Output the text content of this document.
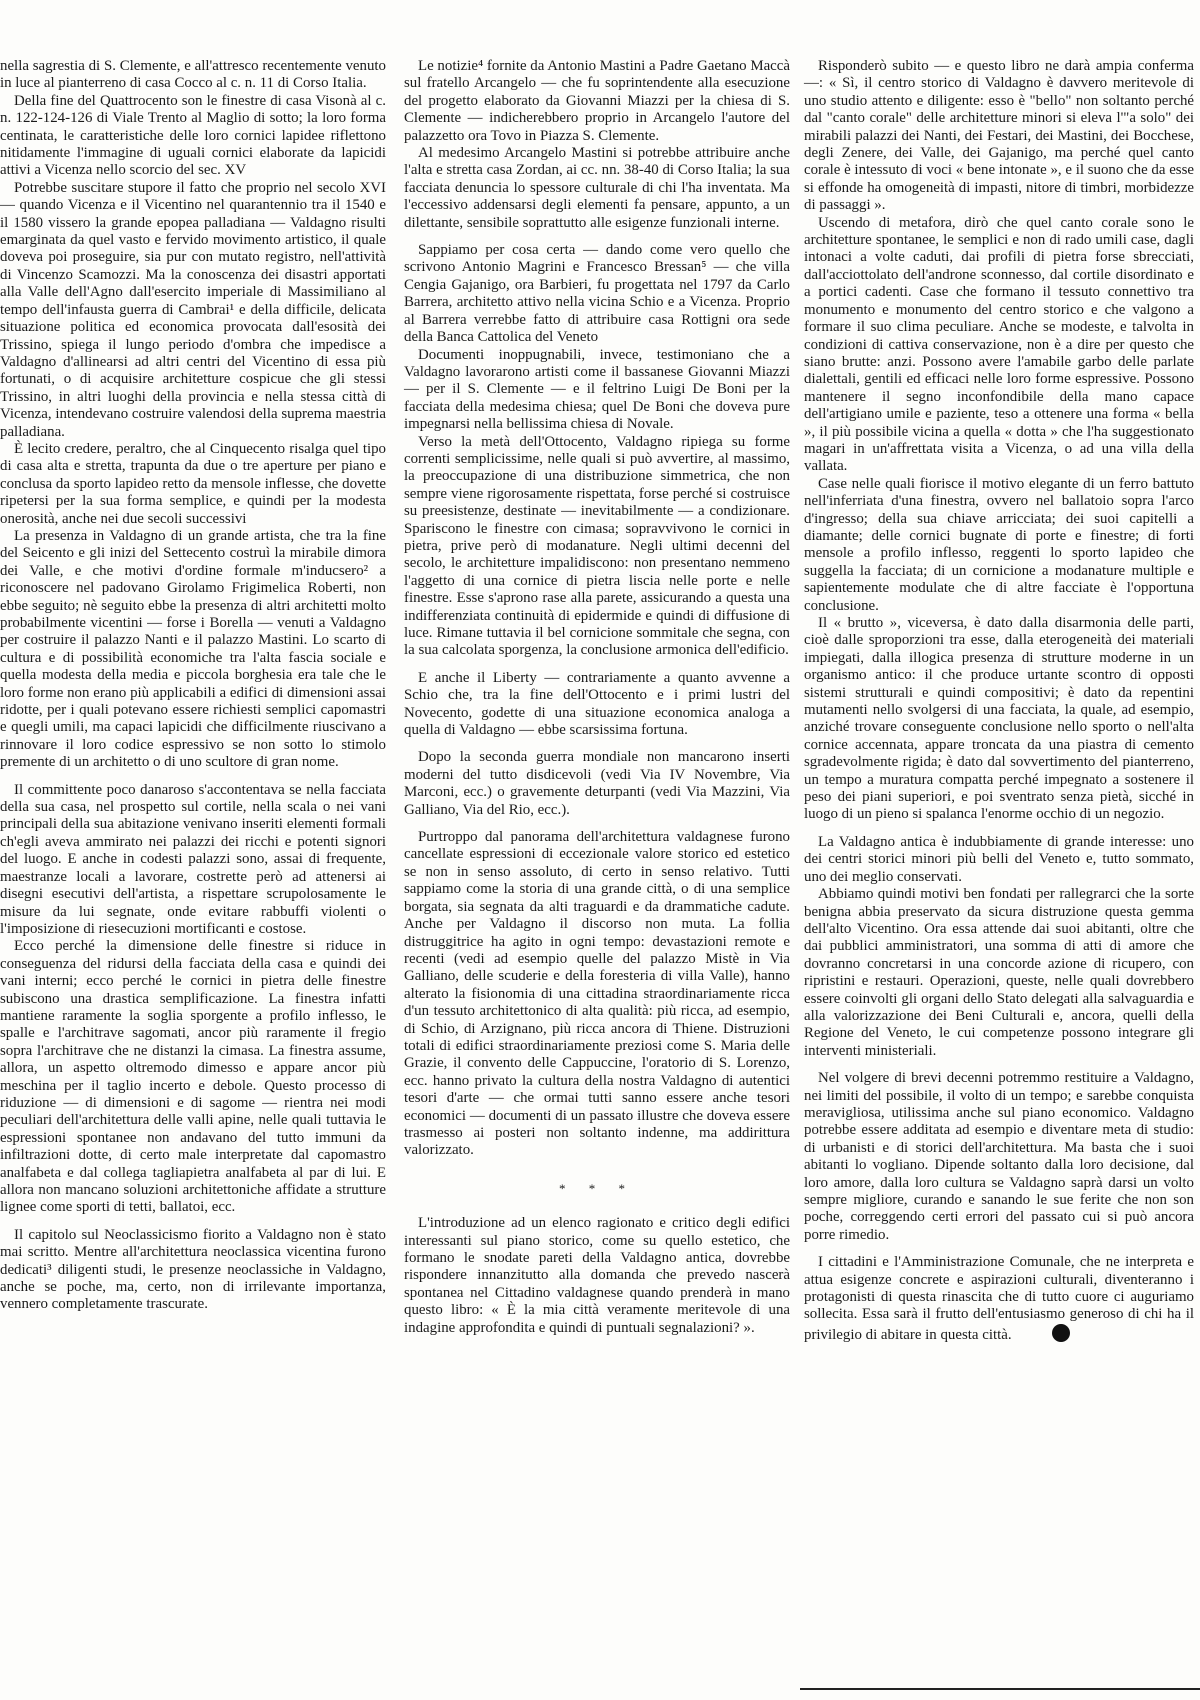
nella sagrestia di S. Clemente, e all'attresco recentemente venuto in luce al pianterreno di casa Cocco al c. n. 11 di Corso Italia.

Della fine del Quattrocento son le finestre di casa Visonà al c. n. 122-124-126 di Viale Trento al Maglio di sotto; la loro forma centinata, le caratteristiche delle loro cornici lapidee riflettono nitidamente l'immagine di uguali cornici elaborate da lapicidi attivi a Vicenza nello scorcio del sec. XV

Potrebbe suscitare stupore il fatto che proprio nel secolo XVI — quando Vicenza e il Vicentino nel quarantennio tra il 1540 e il 1580 vissero la grande epopea palladiana — Valdagno risulti emarginata da quel vasto e fervido movimento artistico, il quale doveva poi proseguire, sia pur con mutato registro, nell'attività di Vincenzo Scamozzi. Ma la conoscenza dei disastri apportati alla Valle dell'Agno dall'esercito imperiale di Massimiliano al tempo dell'infausta guerra di Cambrai¹ e della difficile, delicata situazione politica ed economica provocata dall'esosità dei Trissino, spiega il lungo periodo d'ombra che impedisce a Valdagno d'allinearsi ad altri centri del Vicentino di essa più fortunati, o di acquisire architetture cospicue che gli stessi Trissino, in altri luoghi della provincia e nella stessa città di Vicenza, intendevano costruire valendosi della suprema maestria palladiana.

È lecito credere, peraltro, che al Cinquecento risalga quel tipo di casa alta e stretta, trapunta da due o tre aperture per piano e conclusa da sporto lapideo retto da mensole inflesse, che dovette ripetersi per la sua forma semplice, e quindi per la modesta onerosità, anche nei due secoli successivi

La presenza in Valdagno di un grande artista, che tra la fine del Seicento e gli inizi del Settecento costruì la mirabile dimora dei Valle, e che motivi d'ordine formale m'inducsero² a riconoscere nel padovano Girolamo Frigimelica Roberti, non ebbe seguito; nè seguito ebbe la presenza di altri architetti molto probabilmente vicentini — forse i Borella — venuti a Valdagno per costruire il palazzo Nanti e il palazzo Mastini. Lo scarto di cultura e di possibilità economiche tra l'alta fascia sociale e quella modesta della media e piccola borghesia era tale che le loro forme non erano più applicabili a edifici di dimensioni assai ridotte, per i quali potevano essere richiesti semplici capomastri e quegli umili, ma capaci lapicidi che difficilmente riuscivano a rinnovare il loro codice espressivo se non sotto lo stimolo premente di un architetto o di uno scultore di gran nome.

Il committente poco danaroso s'accontentava se nella facciata della sua casa, nel prospetto sul cortile, nella scala o nei vani principali della sua abitazione venivano inseriti elementi formali ch'egli aveva ammirato nei palazzi dei ricchi e potenti signori del luogo. E anche in codesti palazzi sono, assai di frequente, maestranze locali a lavorare, costrette però ad attenersi ai disegni esecutivi dell'artista, a rispettare scrupolosamente le misure da lui segnate, onde evitare rabbuffi violenti o l'imposizione di riesecuzioni mortificanti e costose.

Ecco perché la dimensione delle finestre si riduce in conseguenza del ridursi della facciata della casa e quindi dei vani interni; ecco perché le cornici in pietra delle finestre subiscono una drastica semplificazione. La finestra infatti mantiene raramente la soglia sporgente a profilo inflesso, le spalle e l'architrave sagomati, ancor più raramente il fregio sopra l'architrave che ne distanzi la cimasa. La finestra assume, allora, un aspetto oltremodo dimesso e appare ancor più meschina per il taglio incerto e debole. Questo processo di riduzione — di dimensioni e di sagome — rientra nei modi peculiari dell'architettura delle valli apine, nelle quali tuttavia le espressioni spontanee non andavano del tutto immuni da infiltrazioni dotte, di certo male interpretate dal capomastro analfabeta e dal collega tagliapietra analfabeta al par di lui. E allora non mancano soluzioni architettoniche affidate a strutture lignee come sporti di tetti, ballatoi, ecc.

Il capitolo sul Neoclassicismo fiorito a Valdagno non è stato mai scritto. Mentre all'architettura neoclassica vicentina furono dedicati³ diligenti studi, le presenze neoclassiche in Valdagno, anche se poche, ma, certo, non di irrilevante importanza, vennero completamente trascurate.

Le notizie⁴ fornite da Antonio Mastini a Padre Gaetano Maccà sul fratello Arcangelo — che fu soprintendente alla esecuzione del progetto elaborato da Giovanni Miazzi per la chiesa di S. Clemente — indicherebbero proprio in Arcangelo l'autore del palazzetto ora Tovo in Piazza S. Clemente.

Al medesimo Arcangelo Mastini si potrebbe attribuire anche l'alta e stretta casa Zordan, ai cc. nn. 38-40 di Corso Italia; la sua facciata denuncia lo spessore culturale di chi l'ha inventata. Ma l'eccessivo addensarsi degli elementi fa pensare, appunto, a un dilettante, sensibile soprattutto alle esigenze funzionali interne.

Sappiamo per cosa certa — dando come vero quello che scrivono Antonio Magrini e Francesco Bressan⁵ — che villa Cengia Gajanigo, ora Barbieri, fu progettata nel 1797 da Carlo Barrera, architetto attivo nella vicina Schio e a Vicenza. Proprio al Barrera verrebbe fatto di attribuire casa Rottigni ora sede della Banca Cattolica del Veneto

Documenti inoppugnabili, invece, testimoniano che a Valdagno lavorarono artisti come il bassanese Giovanni Miazzi — per il S. Clemente — e il feltrino Luigi De Boni per la facciata della medesima chiesa; quel De Boni che doveva pure impegnarsi nella bellissima chiesa di Novale.

Verso la metà dell'Ottocento, Valdagno ripiega su forme correnti semplicissime, nelle quali si può avvertire, al massimo, la preoccupazione di una distribuzione simmetrica, che non sempre viene rigorosamente rispettata, forse perché si costruisce su preesistenze, destinate — inevitabilmente — a condizionare. Spariscono le finestre con cimasa; sopravvivono le cornici in pietra, prive però di modanature. Negli ultimi decenni del secolo, le architetture impalidiscono: non presentano nemmeno l'aggetto di una cornice di pietra liscia nelle porte e nelle finestre. Esse s'aprono rase alla parete, assicurando a questa una indifferenziata continuità di epidermide e quindi di diffusione di luce. Rimane tuttavia il bel cornicione sommitale che segna, con la sua calcolata sporgenza, la conclusione armonica dell'edificio.

E anche il Liberty — contrariamente a quanto avvenne a Schio che, tra la fine dell'Ottocento e i primi lustri del Novecento, godette di una situazione economica analoga a quella di Valdagno — ebbe scarsissima fortuna.

Dopo la seconda guerra mondiale non mancarono inserti moderni del tutto disdicevoli (vedi Via IV Novembre, Via Marconi, ecc.) o gravemente deturpanti (vedi Via Mazzini, Via Galliano, Via del Rio, ecc.).

Purtroppo dal panorama dell'architettura valdagnese furono cancellate espressioni di eccezionale valore storico ed estetico se non in senso assoluto, di certo in senso relativo. Tutti sappiamo come la storia di una grande città, o di una semplice borgata, sia segnata da alti traguardi e da drammatiche cadute. Anche per Valdagno il discorso non muta. La follia distruggitrice ha agito in ogni tempo: devastazioni remote e recenti (vedi ad esempio quelle del palazzo Mistè in Via Galliano, delle scuderie e della foresteria di villa Valle), hanno alterato la fisionomia di una cittadina straordinariamente ricca d'un tessuto architettonico di alta qualità: più ricca, ad esempio, di Schio, di Arzignano, più ricca ancora di Thiene. Distruzioni totali di edifici straordinariamente preziosi come S. Maria delle Grazie, il convento delle Cappuccine, l'oratorio di S. Lorenzo, ecc. hanno privato la cultura della nostra Valdagno di autentici tesori d'arte — che ormai tutti sanno essere anche tesori economici — documenti di un passato illustre che doveva essere trasmesso ai posteri non soltanto indenne, ma addirittura valorizzato.

* * *

L'introduzione ad un elenco ragionato e critico degli edifici interessanti sul piano storico, come su quello estetico, che formano le snodate pareti della Valdagno antica, dovrebbe rispondere innanzitutto alla domanda che prevedo nascerà spontanea nel Cittadino valdagnese quando prenderà in mano questo libro: « È la mia città veramente meritevole di una indagine approfondita e quindi di puntuali segnalazioni? ».

Risponderò subito — e questo libro ne darà ampia conferma —: « Sì, il centro storico di Valdagno è davvero meritevole di uno studio attento e diligente: esso è "bello" non soltanto perché dal "canto corale" delle architetture minori si eleva l'"a solo" dei mirabili palazzi dei Nanti, dei Festari, dei Mastini, dei Bocchese, degli Zenere, dei Valle, dei Gajanigo, ma perché quel canto corale è intessuto di voci « bene intonate », e il suono che da esse si effonde ha omogeneità di impasti, nitore di timbri, morbidezze di passaggi ».

Uscendo di metafora, dirò che quel canto corale sono le architetture spontanee, le semplici e non di rado umili case, dagli intonaci a volte caduti, dai profili di pietra forse sbrecciati, dall'acciottolato dell'androne sconnesso, dal cortile disordinato e a portici cadenti. Case che formano il tessuto connettivo tra monumento e monumento del centro storico e che valgono a formare il suo clima peculiare. Anche se modeste, e talvolta in condizioni di cattiva conservazione, non è a dire per questo che siano brutte: anzi. Possono avere l'amabile garbo delle parlate dialettali, gentili ed efficaci nelle loro forme espressive. Possono mantenere il segno inconfondibile della mano capace dell'artigiano umile e paziente, teso a ottenere una forma « bella », il più possibile vicina a quella « dotta » che l'ha suggestionato magari in un'affrettata visita a Vicenza, o ad una villa della vallata.

Case nelle quali fiorisce il motivo elegante di un ferro battuto nell'inferriata d'una finestra, ovvero nel ballatoio sopra l'arco d'ingresso; della sua chiave arricciata; dei suoi capitelli a diamante; delle cornici bugnate di porte e finestre; di forti mensole a profilo inflesso, reggenti lo sporto lapideo che suggella la facciata; di un cornicione a modanature multiple e sapientemente modulate che di altre facciate è l'opportuna conclusione.

Il « brutto », viceversa, è dato dalla disarmonia delle parti, cioè dalle sproporzioni tra esse, dalla eterogeneità dei materiali impiegati, dalla illogica presenza di strutture moderne in un organismo antico: il che produce urtante scontro di opposti sistemi strutturali e quindi compositivi; è dato da repentini mutamenti nello svolgersi di una facciata, la quale, ad esempio, anziché trovare conseguente conclusione nello sporto o nell'alta cornice accennata, appare troncata da una piastra di cemento sgradevolmente rigida; è dato dal sovvertimento del pianterreno, un tempo a muratura compatta perché impegnato a sostenere il peso dei piani superiori, e poi sventrato senza pietà, sicché in luogo di un pieno si spalanca l'enorme occhio di un negozio.

La Valdagno antica è indubbiamente di grande interesse: uno dei centri storici minori più belli del Veneto e, tutto sommato, uno dei meglio conservati.

Abbiamo quindi motivi ben fondati per rallegrarci che la sorte benigna abbia preservato da sicura distruzione questa gemma dell'alto Vicentino. Ora essa attende dai suoi abitanti, oltre che dai pubblici amministratori, una somma di atti di amore che dovranno concretarsi in una concorde azione di ricupero, con ripristini e restauri. Operazioni, queste, nelle quali dovrebbero essere coinvolti gli organi dello Stato delegati alla salvaguardia e alla valorizzazione dei Beni Culturali e, ancora, quelli della Regione del Veneto, le cui competenze possono integrare gli interventi ministeriali.

Nel volgere di brevi decenni potremmo restituire a Valdagno, nei limiti del possibile, il volto di un tempo; e sarebbe conquista meravigliosa, utilissima anche sul piano economico. Valdagno potrebbe essere additata ad esempio e diventare meta di studio: di urbanisti e di storici dell'architettura. Ma basta che i suoi abitanti lo vogliano. Dipende soltanto dalla loro decisione, dal loro amore, dalla loro cultura se Valdagno saprà darsi un volto sempre migliore, curando e sanando le sue ferite che non son poche, correggendo certi errori del passato cui si può ancora porre rimedio.

I cittadini e l'Amministrazione Comunale, che ne interpreta e attua esigenze concrete e aspirazioni culturali, diventeranno i protagonisti di questa rinascita che di tutto cuore ci auguriamo sollecita. Essa sarà il frutto dell'entusiasmo generoso di chi ha il privilegio di abitare in questa città.
